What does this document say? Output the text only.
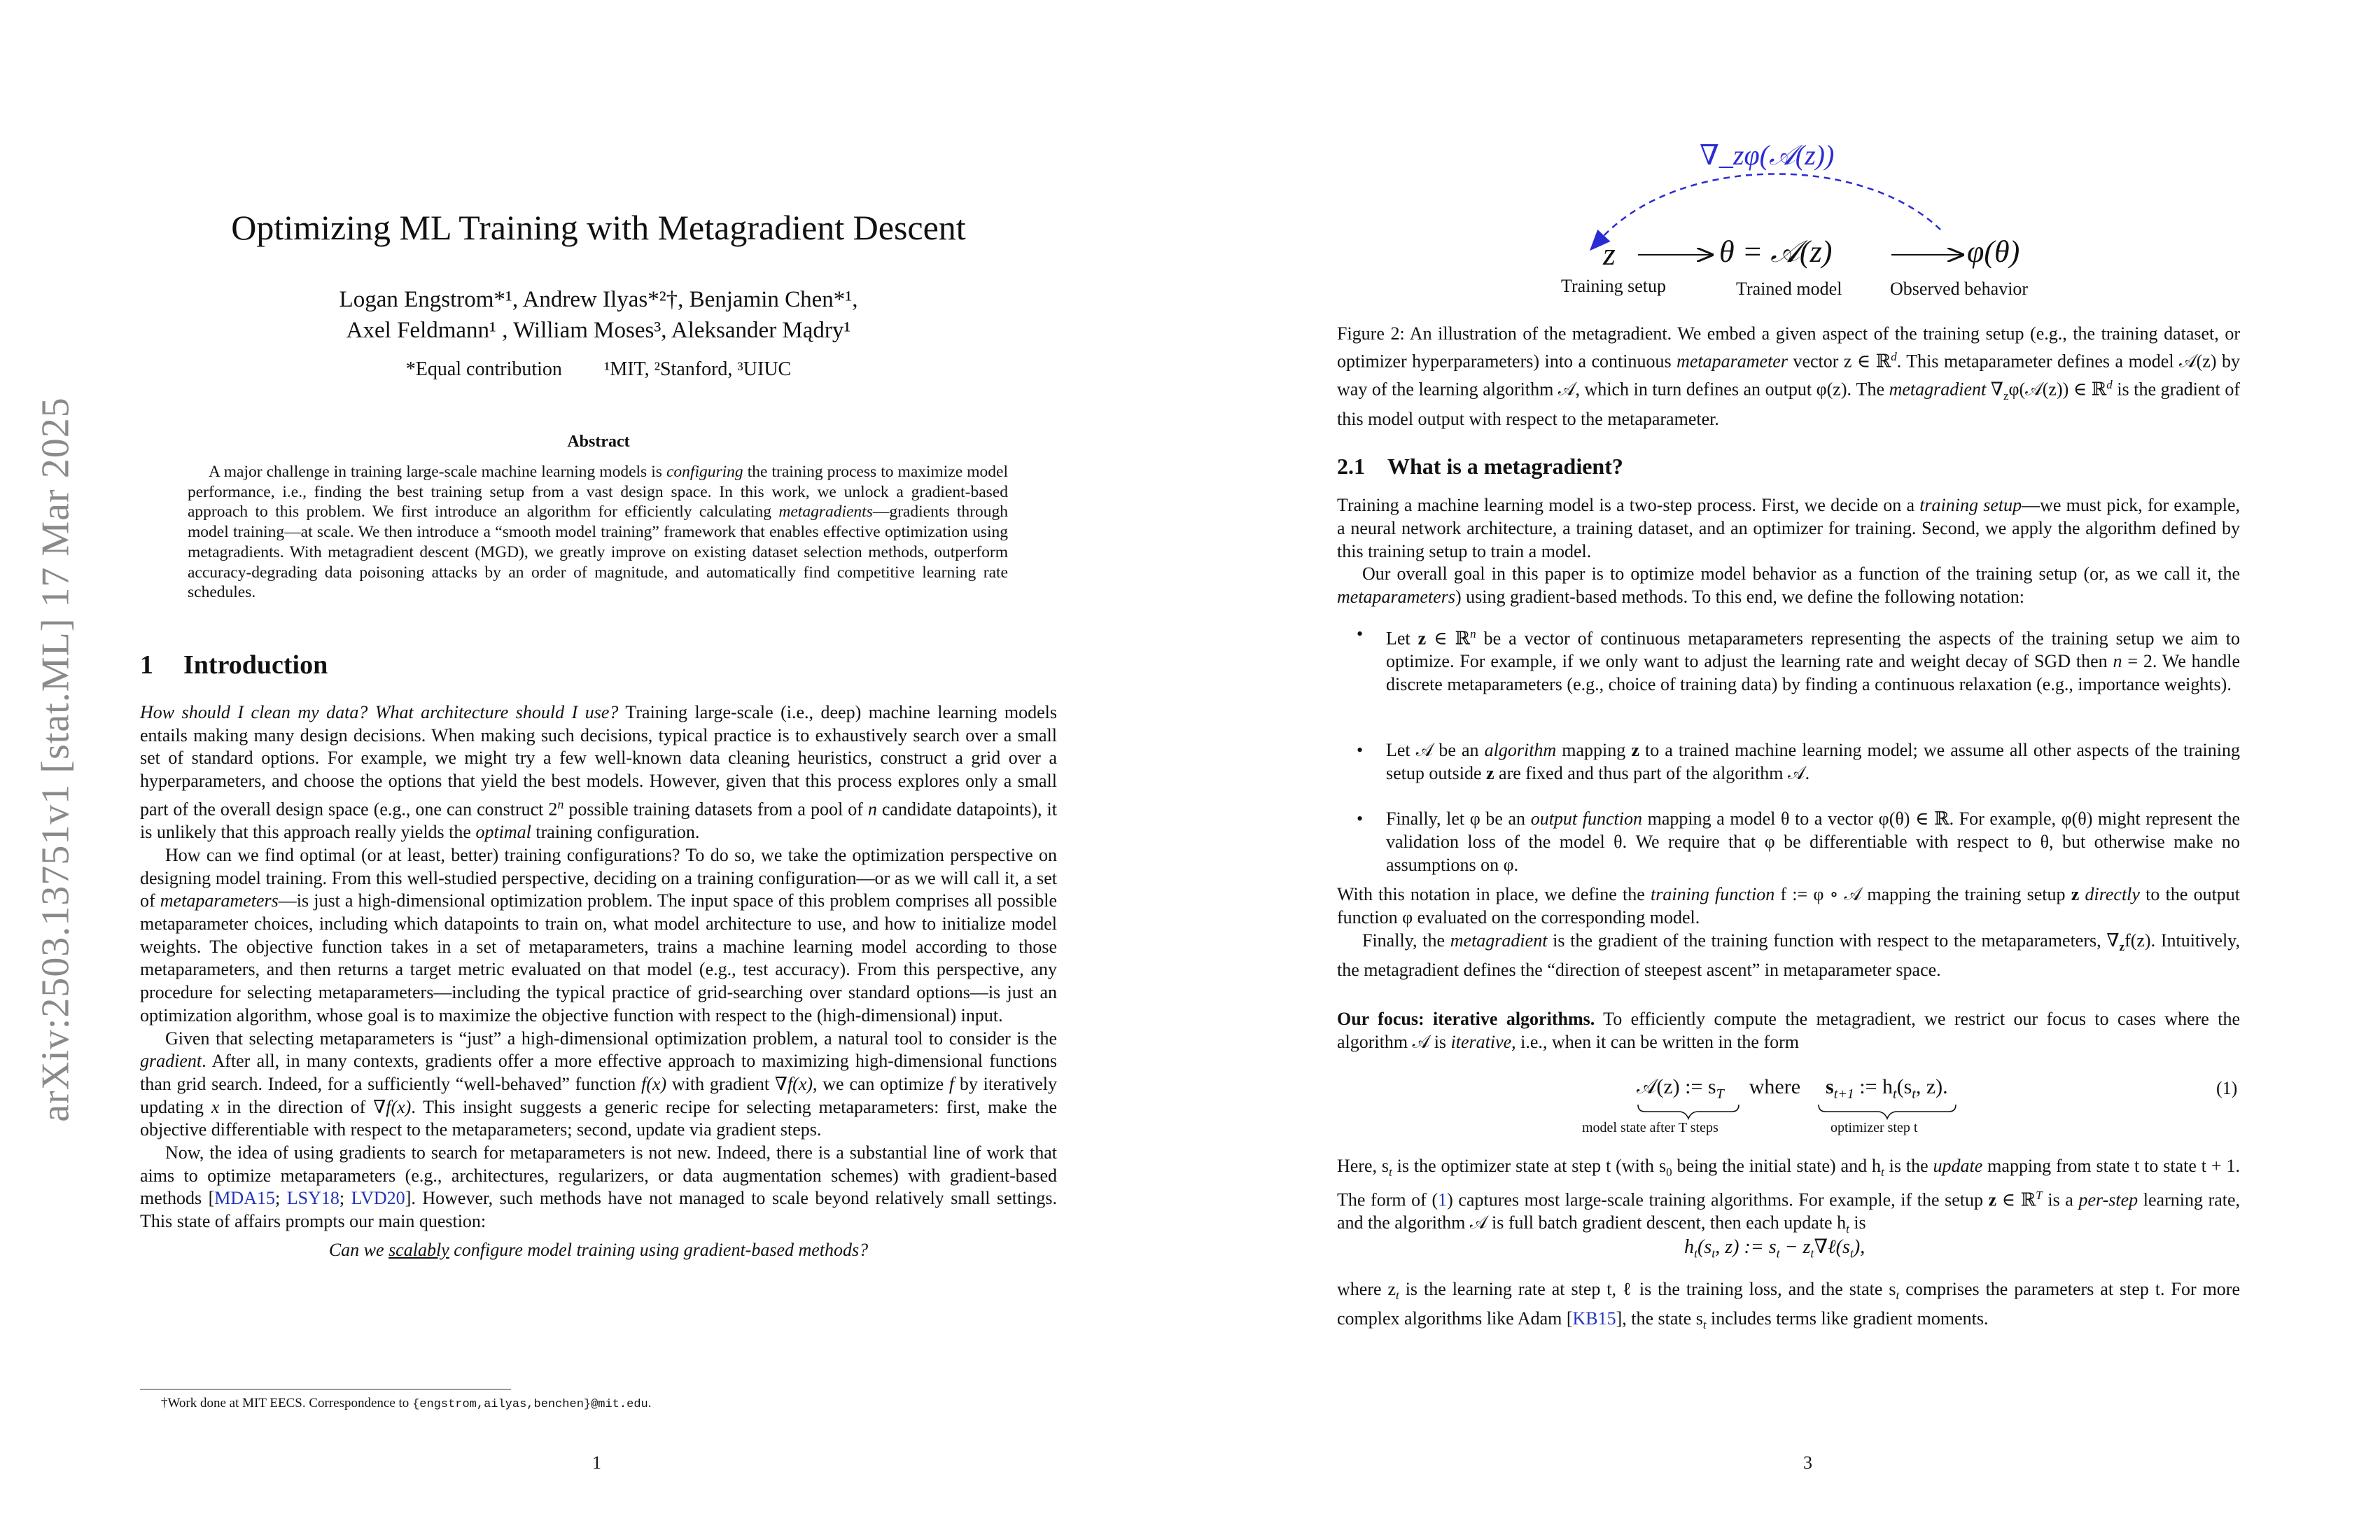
arXiv:2503.13751v1 [stat.ML] 17 Mar 2025
Optimizing ML Training with Metagradient Descent
Logan Engstrom*¹, Andrew Ilyas*²†, Benjamin Chen*¹,
Axel Feldmann¹ , William Moses³, Aleksander Mądry¹
*Equal contribution ¹MIT, ²Stanford, ³UIUC
Abstract
A major challenge in training large-scale machine learning models is configuring the training process to maximize model performance, i.e., finding the best training setup from a vast design space. In this work, we unlock a gradient-based approach to this problem. We first introduce an algorithm for efficiently calculating metagradients—gradients through model training—at scale. We then introduce a “smooth model training” framework that enables effective optimization using metagradients. With metagradient descent (MGD), we greatly improve on existing dataset selection methods, outperform accuracy-degrading data poisoning attacks by an order of magnitude, and automatically find competitive learning rate schedules.
1 Introduction

How should I clean my data? What architecture should I use? Training large-scale (i.e., deep) machine learning models entails making many design decisions. When making such decisions, typical practice is to exhaustively search over a small set of standard options. For example, we might try a few well-known data cleaning heuristics, construct a grid over a hyperparameters, and choose the options that yield the best models. However, given that this process explores only a small part of the overall design space (e.g., one can construct 2$^n$ possible training datasets from a pool of n candidate datapoints), it is unlikely that this approach really yields the optimal training configuration.

How can we find optimal (or at least, better) training configurations? To do so, we take the optimization perspective on designing model training. From this well-studied perspective, deciding on a training configuration—or as we will call it, a set of metaparameters—is just a high-dimensional optimization problem. The input space of this problem comprises all possible metaparameter choices, including which datapoints to train on, what model architecture to use, and how to initialize model weights. The objective function takes in a set of metaparameters, trains a machine learning model according to those metaparameters, and then returns a target metric evaluated on that model (e.g., test accuracy). From this perspective, any procedure for selecting metaparameters—including the typical practice of grid-searching over standard options—is just an optimization algorithm, whose goal is to maximize the objective function with respect to the (high-dimensional) input.

Given that selecting metaparameters is “just” a high-dimensional optimization problem, a natural tool to consider is the gradient. After all, in many contexts, gradients offer a more effective approach to maximizing high-dimensional functions than grid search. Indeed, for a sufficiently “well-behaved” function f(x) with gradient ∇f(x), we can optimize f by iteratively updating x in the direction of ∇f(x). This insight suggests a generic recipe for selecting metaparameters: first, make the objective differentiable with respect to the metaparameters; second, update via gradient steps.

Now, the idea of using gradients to search for metaparameters is not new. Indeed, there is a substantial line of work that aims to optimize metaparameters (e.g., architectures, regularizers, or data augmentation schemes) with gradient-based methods [MDA15; LSY18; LVD20]. However, such methods have not managed to scale beyond relatively small settings. This state of affairs prompts our main question:

Can we scalably configure model training using gradient-based methods?
†Work done at MIT EECS. Correspondence to {engstrom,ailyas,benchen}@mit.edu.
1
∇_zφ(𝒜(z))
z	θ = 𝒜(z)	φ(θ)
Training setup	Trained model	Observed behavior
Figure 2: An illustration of the metagradient. We embed a given aspect of the training setup (e.g., the training dataset, or optimizer hyperparameters) into a continuous metaparameter vector z ∈ ℝ$^d$. This metaparameter defines a model 𝒜(z) by way of the learning algorithm 𝒜, which in turn defines an output φ(z). The metagradient $\nabla_z\varphi(𝒜(z))$ ∈ ℝ$^d$ is the gradient of this model output with respect to the metaparameter.
2.1 What is a metagradient?

Training a machine learning model is a two-step process. First, we decide on a training setup—we must pick, for example, a neural network architecture, a training dataset, and an optimizer for training. Second, we apply the algorithm defined by this training setup to train a model.

Our overall goal in this paper is to optimize model behavior as a function of the training setup (or, as we call it, the metaparameters) using gradient-based methods. To this end, we define the following notation:

• Let z ∈ ℝ$^n$ be a vector of continuous metaparameters representing the aspects of the training setup we aim to optimize. For example, if we only want to adjust the learning rate and weight decay of SGD then n = 2. We handle discrete metaparameters (e.g., choice of training data) by finding a continuous relaxation (e.g., importance weights).
• Let 𝒜 be an algorithm mapping z to a trained machine learning model; we assume all other aspects of the training setup outside z are fixed and thus part of the algorithm 𝒜.
• Finally, let φ be an output function mapping a model θ to a vector φ(θ) ∈ ℝ. For example, φ(θ) might represent the validation loss of the model θ. We require that φ be differentiable with respect to θ, but otherwise make no assumptions on φ.

With this notation in place, we define the training function f := φ ∘ 𝒜 mapping the training setup z directly to the output function φ evaluated on the corresponding model.

Finally, the metagradient is the gradient of the training function with respect to the metaparameters, $\nabla_zf(z)$. Intuitively, the metagradient defines the “direction of steepest ascent” in metaparameter space.

Our focus: iterative algorithms. To efficiently compute the metagradient, we restrict our focus to cases where the algorithm 𝒜 is iterative, i.e., when it can be written in the form

𝒜(z) := $s_T$ where $s_{t+1}$ := $h_t(s_t$, z).
model state after T steps	optimizer step t
(1)

Here, $s_t$ is the optimizer state at step t (with $s_0$ being the initial state) and $h_t$ is the update mapping from state t to state t + 1. The form of (1) captures most large-scale training algorithms. For example, if the setup z ∈ ℝ$^T$ is a per-step learning rate, and the algorithm 𝒜 is full batch gradient descent, then each update $h_t$ is

$h_t(s_t$, z) := $s_t$ − $z_t\nabla\ell(s_t)$,

where $z_t$ is the learning rate at step t, ℓ is the training loss, and the state $s_t$ comprises the parameters at step t. For more complex algorithms like Adam [KB15], the state $s_t$ includes terms like gradient moments.

3
